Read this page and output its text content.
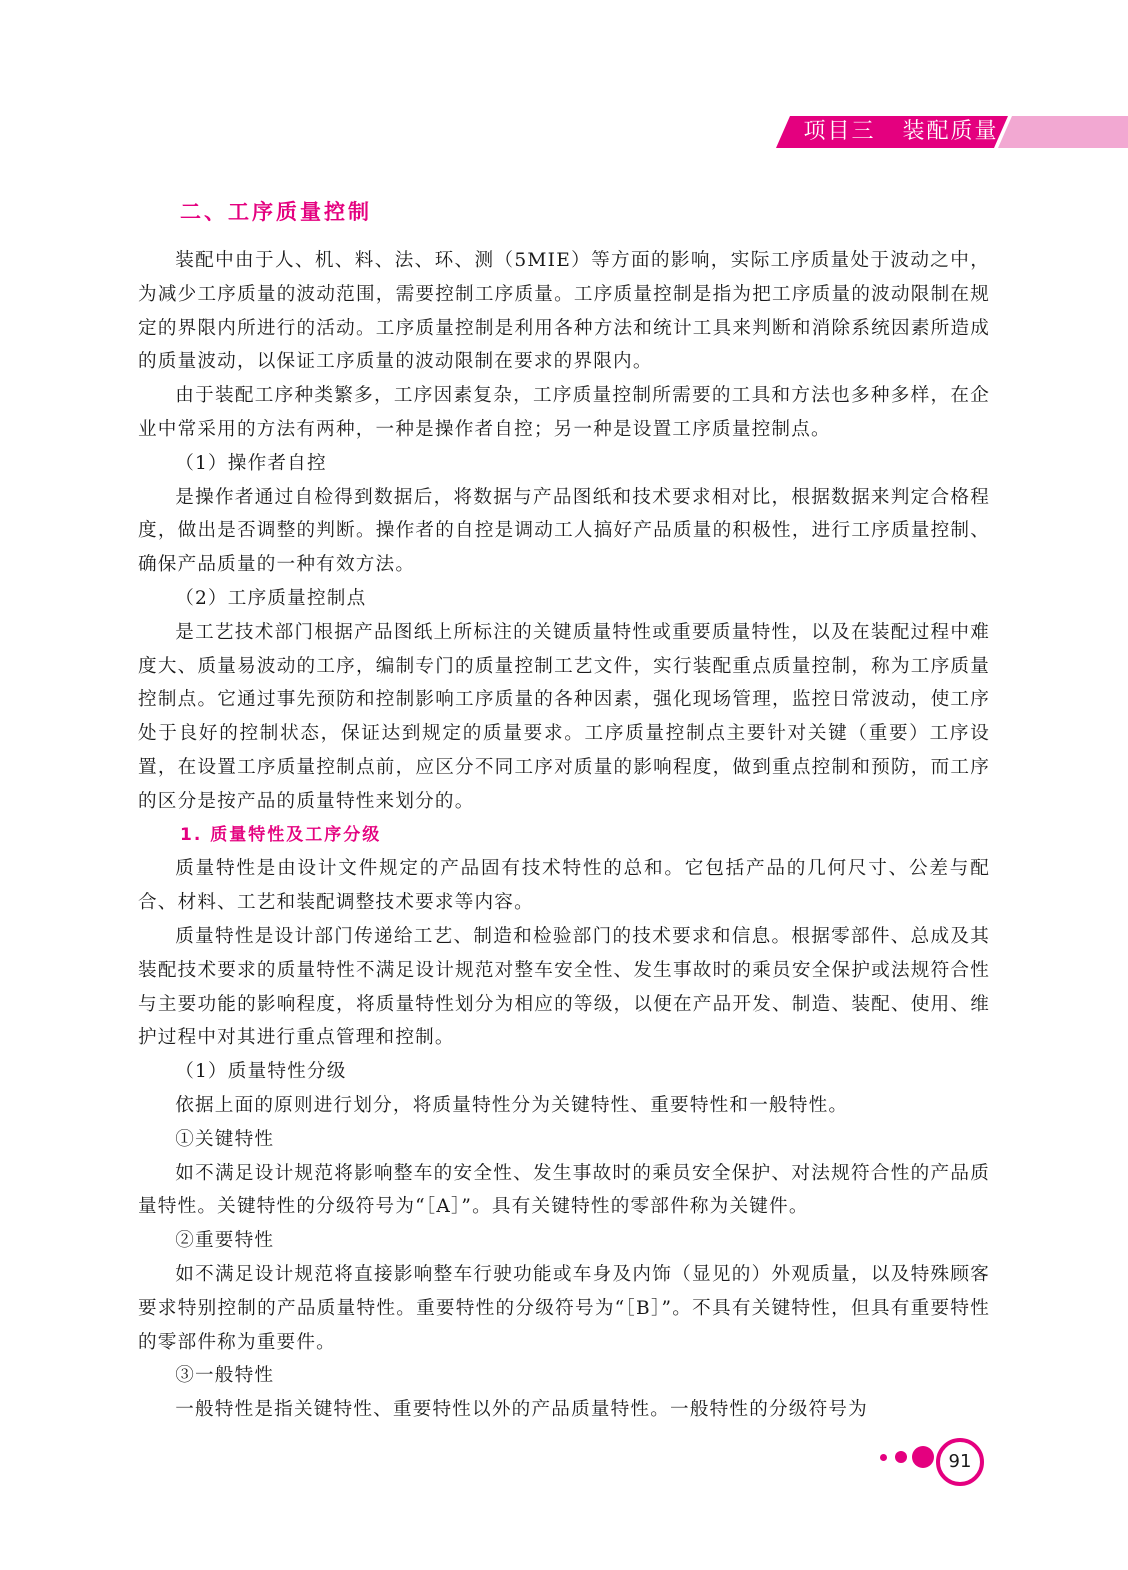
项目三   装配质量
二、工序质量控制

装配中由于人、机、料、法、环、测（5MIE）等方面的影响，实际工序质量处于波动之中，为减少工序质量的波动范围，需要控制工序质量。工序质量控制是指为把工序质量的波动限制在规定的界限内所进行的活动。工序质量控制是利用各种方法和统计工具来判断和消除系统因素所造成的质量波动，以保证工序质量的波动限制在要求的界限内。

由于装配工序种类繁多，工序因素复杂，工序质量控制所需要的工具和方法也多种多样，在企业中常采用的方法有两种，一种是操作者自控；另一种是设置工序质量控制点。

（1）操作者自控

是操作者通过自检得到数据后，将数据与产品图纸和技术要求相对比，根据数据来判定合格程度，做出是否调整的判断。操作者的自控是调动工人搞好产品质量的积极性，进行工序质量控制、确保产品质量的一种有效方法。

（2）工序质量控制点

是工艺技术部门根据产品图纸上所标注的关键质量特性或重要质量特性，以及在装配过程中难度大、质量易波动的工序，编制专门的质量控制工艺文件，实行装配重点质量控制，称为工序质量控制点。它通过事先预防和控制影响工序质量的各种因素，强化现场管理，监控日常波动，使工序处于良好的控制状态，保证达到规定的质量要求。工序质量控制点主要针对关键（重要）工序设置，在设置工序质量控制点前，应区分不同工序对质量的影响程度，做到重点控制和预防，而工序的区分是按产品的质量特性来划分的。

1. 质量特性及工序分级

质量特性是由设计文件规定的产品固有技术特性的总和。它包括产品的几何尺寸、公差与配合、材料、工艺和装配调整技术要求等内容。

质量特性是设计部门传递给工艺、制造和检验部门的技术要求和信息。根据零部件、总成及其装配技术要求的质量特性不满足设计规范对整车安全性、发生事故时的乘员安全保护或法规符合性与主要功能的影响程度，将质量特性划分为相应的等级，以便在产品开发、制造、装配、使用、维护过程中对其进行重点管理和控制。

（1）质量特性分级

依据上面的原则进行划分，将质量特性分为关键特性、重要特性和一般特性。

①关键特性

如不满足设计规范将影响整车的安全性、发生事故时的乘员安全保护、对法规符合性的产品质量特性。关键特性的分级符号为“［A］”。具有关键特性的零部件称为关键件。

②重要特性

如不满足设计规范将直接影响整车行驶功能或车身及内饰（显见的）外观质量，以及特殊顾客要求特别控制的产品质量特性。重要特性的分级符号为“［B］”。不具有关键特性，但具有重要特性的零部件称为重要件。

③一般特性

一般特性是指关键特性、重要特性以外的产品质量特性。一般特性的分级符号为

91
